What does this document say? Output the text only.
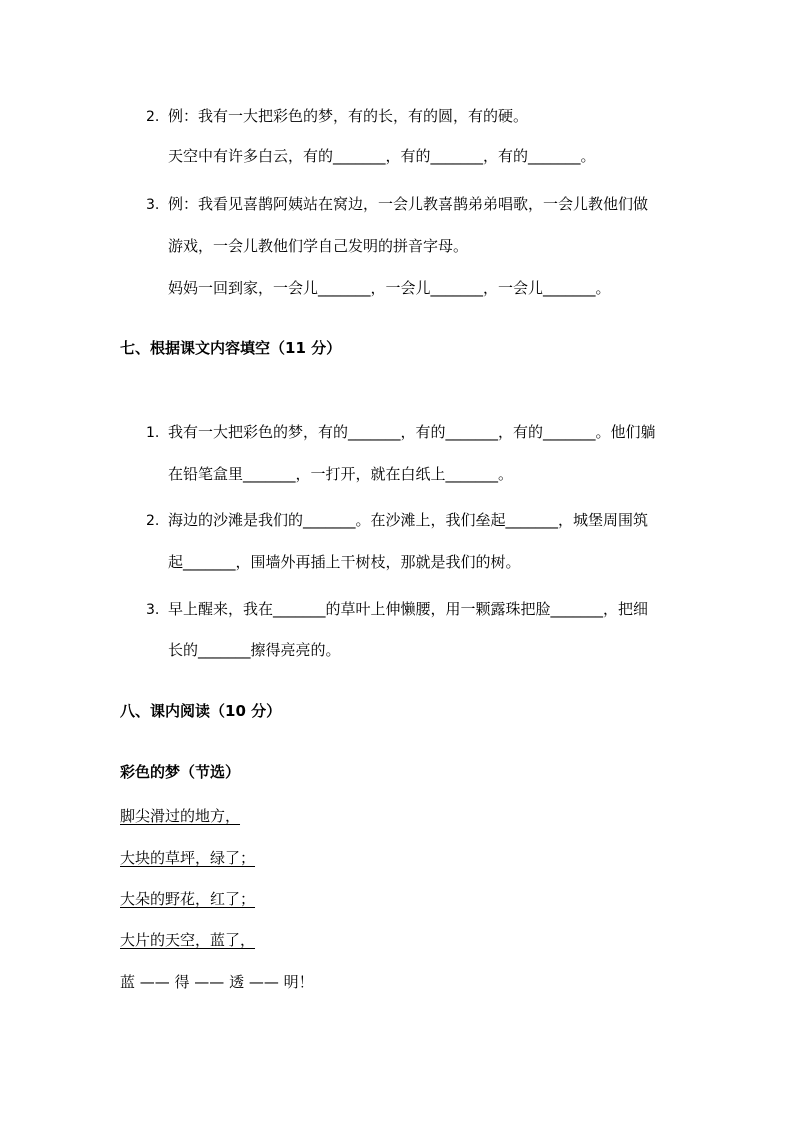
2. 例：我有一大把彩色的梦，有的长，有的圆，有的硬。
天空中有许多白云，有的_______，有的_______，有的_______。
3. 例：我看见喜鹊阿姨站在窝边，一会儿教喜鹊弟弟唱歌，一会儿教他们做
游戏，一会儿教他们学自己发明的拼音字母。
妈妈一回到家，一会儿_______，一会儿_______，一会儿_______。
七、根据课文内容填空（11 分）
1. 我有一大把彩色的梦，有的_______，有的_______，有的_______。他们躺
在铅笔盒里_______，一打开，就在白纸上_______。
2. 海边的沙滩是我们的_______。在沙滩上，我们垒起_______，城堡周围筑
起_______，围墙外再插上干树枝，那就是我们的树。
3. 早上醒来，我在_______的草叶上伸懒腰，用一颗露珠把脸_______，把细
长的_______擦得亮亮的。
八、课内阅读（10 分）
彩色的梦（节选）
脚尖滑过的地方，
大块的草坪，绿了；
大朵的野花，红了；
大片的天空，蓝了，
蓝 —— 得 —— 透 —— 明！
